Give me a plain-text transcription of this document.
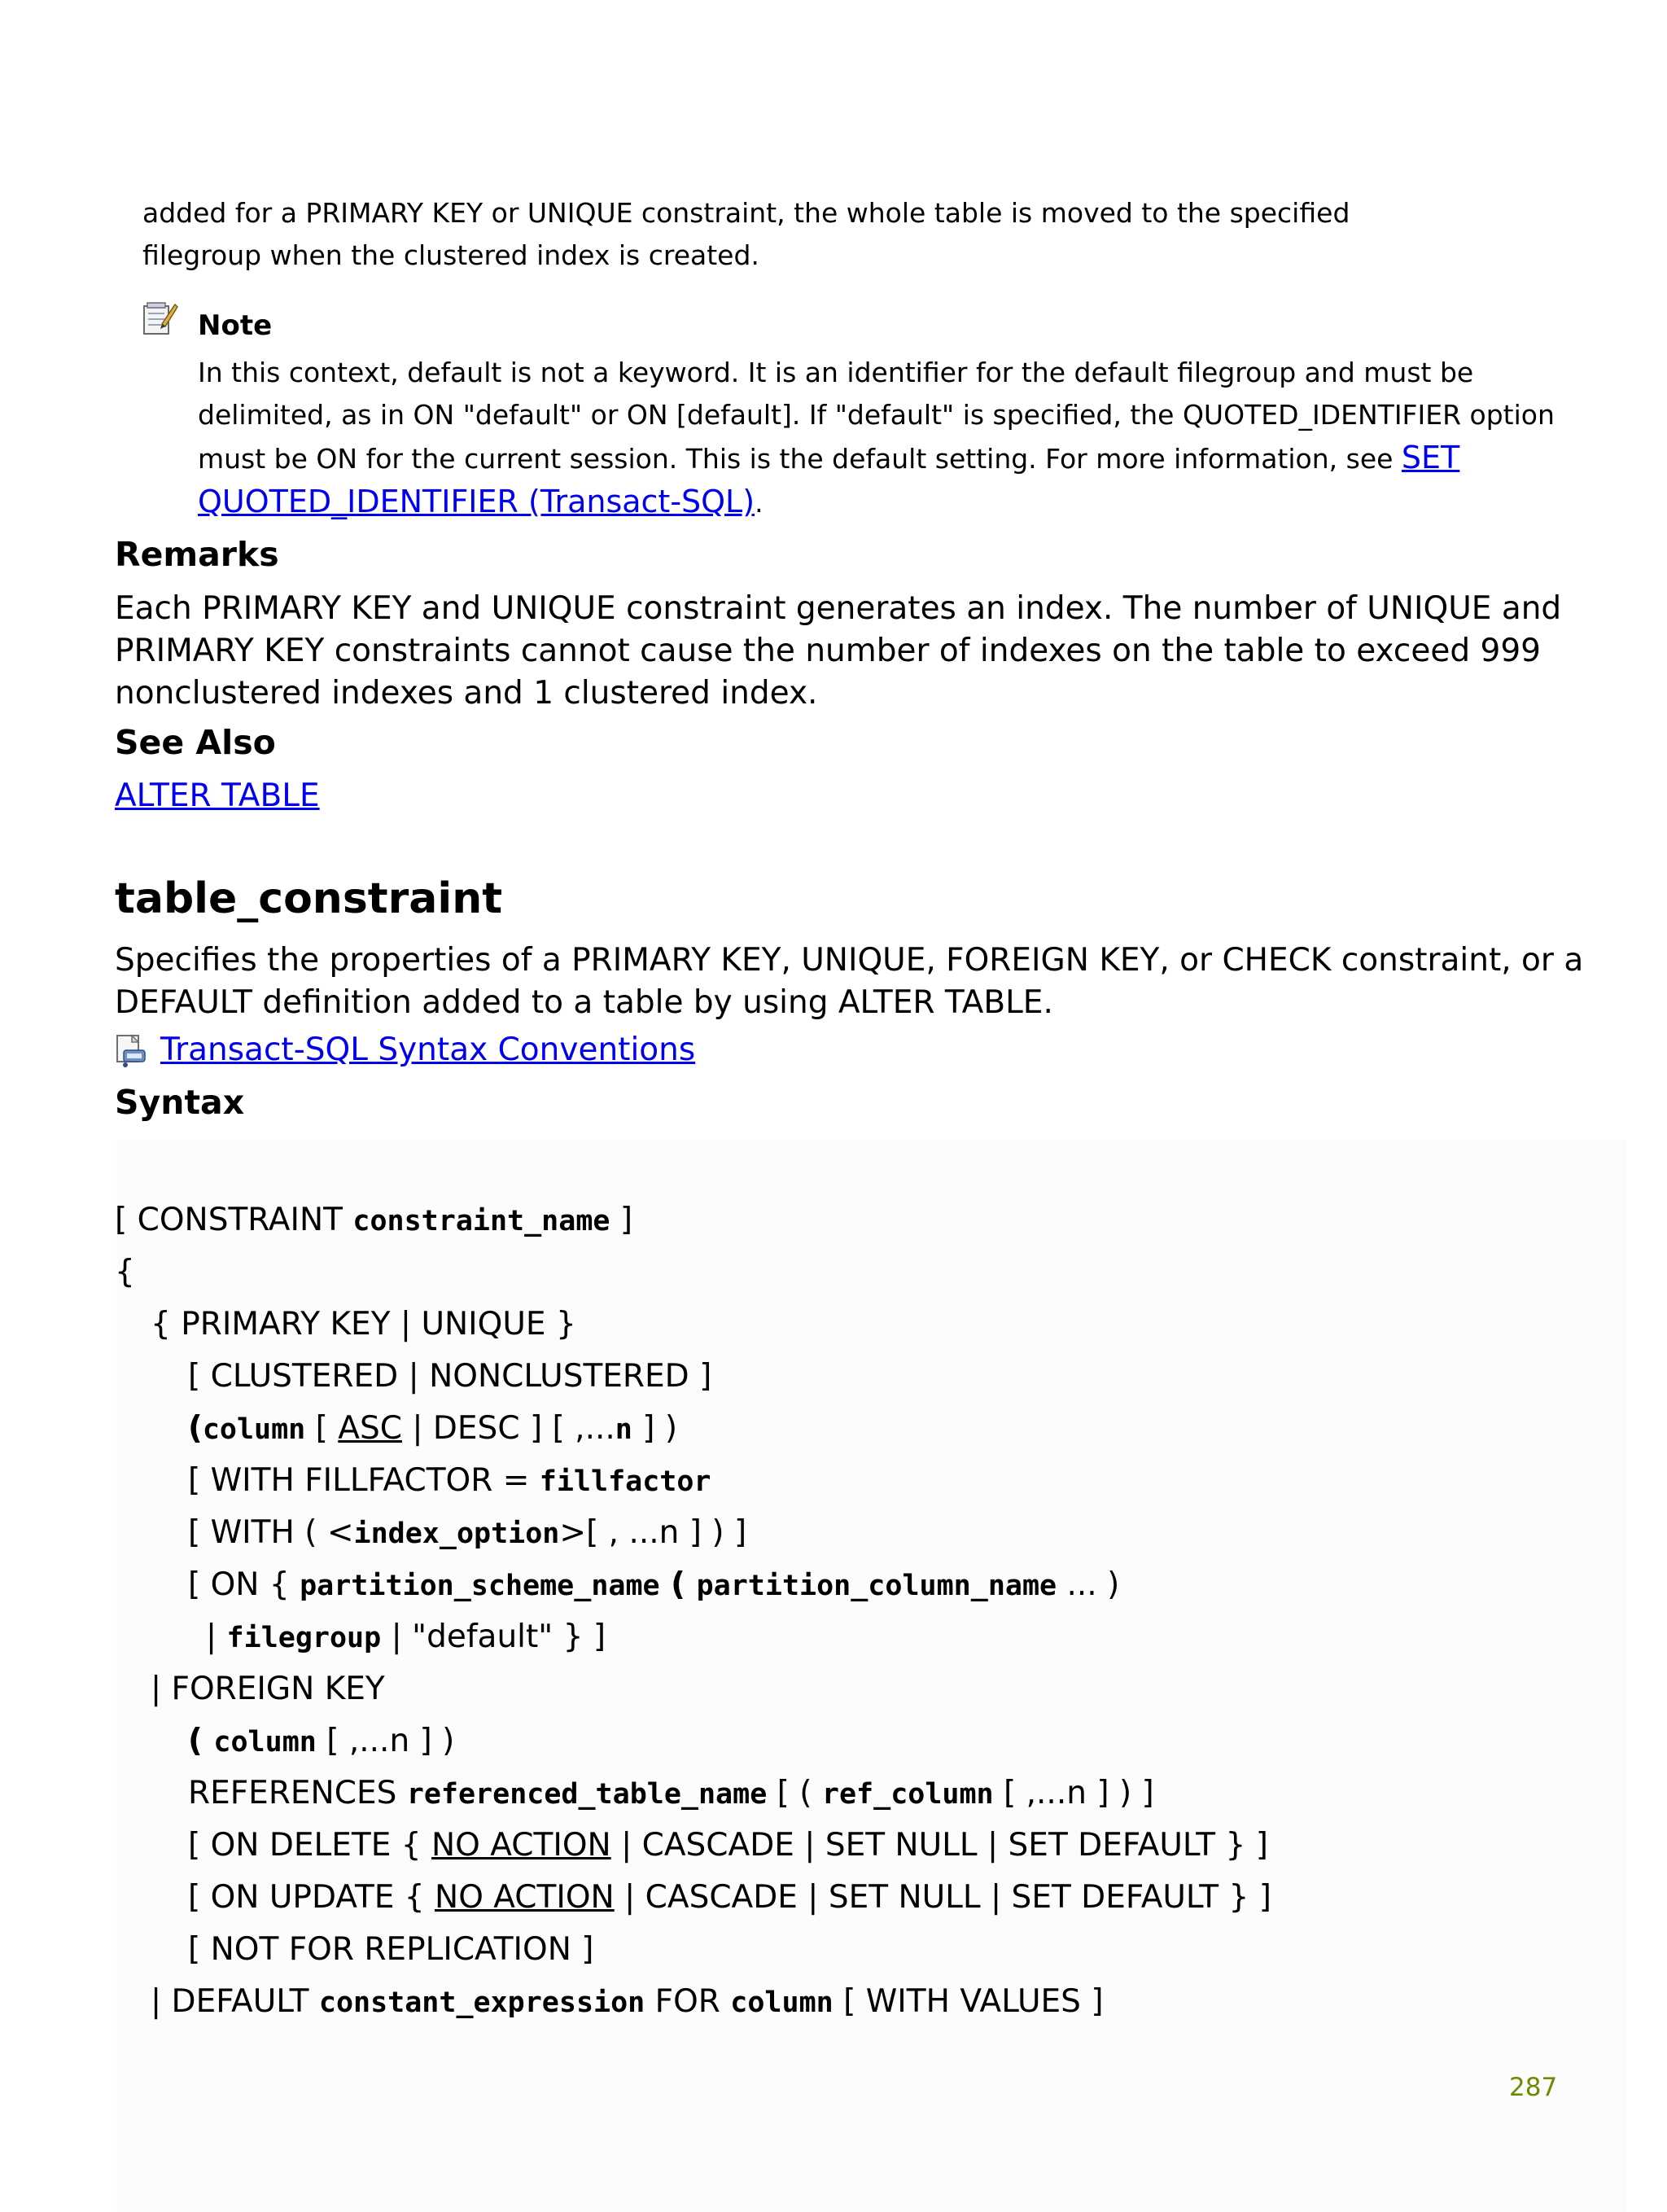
added for a PRIMARY KEY or UNIQUE constraint, the whole table is moved to the specified

filegroup when the clustered index is created.

Note

In this context, default is not a keyword. It is an identifier for the default filegroup and must be

delimited, as in ON "default" or ON [default]. If "default" is specified, the QUOTED_IDENTIFIER option

must be ON for the current session. This is the default setting. For more information, see SET

QUOTED_IDENTIFIER (Transact-SQL).

Remarks

Each PRIMARY KEY and UNIQUE constraint generates an index. The number of UNIQUE and

PRIMARY KEY constraints cannot cause the number of indexes on the table to exceed 999

nonclustered indexes and 1 clustered index.

See Also
ALTER TABLE
table_constraint

Specifies the properties of a PRIMARY KEY, UNIQUE, FOREIGN KEY, or CHECK constraint, or a

DEFAULT definition added to a table by using ALTER TABLE.

Transact-SQL Syntax Conventions
Syntax
[ CONSTRAINT constraint_name ]
{
{ PRIMARY KEY | UNIQUE }
[ CLUSTERED | NONCLUSTERED ]
(column [ ASC | DESC ] [ ,...n ] )
[ WITH FILLFACTOR = fillfactor
[ WITH ( <index_option>[ , ...n ] ) ]
[ ON { partition_scheme_name ( partition_column_name ... )
| filegroup | "default" } ]
| FOREIGN KEY
( column [ ,...n ] )
REFERENCES referenced_table_name [ ( ref_column [ ,...n ] ) ]
[ ON DELETE { NO ACTION | CASCADE | SET NULL | SET DEFAULT } ]
[ ON UPDATE { NO ACTION | CASCADE | SET NULL | SET DEFAULT } ]
[ NOT FOR REPLICATION ]
| DEFAULT constant_expression FOR column [ WITH VALUES ]
287
